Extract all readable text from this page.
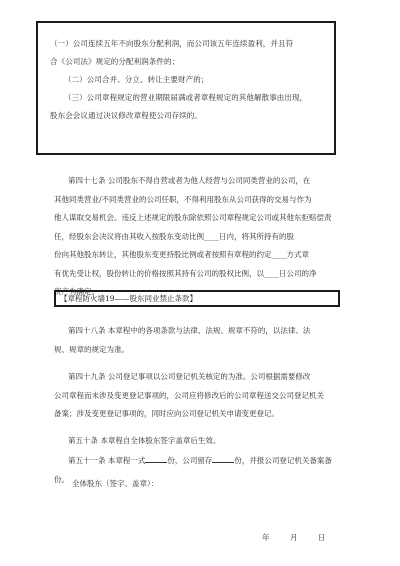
（一）公司连续五年不向股东分配利润，而公司该五年连续盈利，并且符

合《公司法》规定的分配利润条件的；

（二）公司合并、分立、转让主要财产的；

（三）公司章程规定的营业期限届满或者章程规定的其他解散事由出现，

股东会会议通过决议修改章程使公司存续的。

第四十七条 公司股东不得自营或者为他人经营与公司同类营业的公司，在
其他同类营业/不同类营业的公司任职，不得利用股东从公司获得的交易与作为
他人谋取交易机会。违反上述规定的股东除依照公司章程规定公司或其他东拒赔偿责
任，经股东会决议将由其收入按股东变动比例____日内，将其所持有的股
份向其他股东转让，其他股东变更持股比例或者按照有章程的约定____方式章
有优先受让权，股份转让的价格按照其持有公司的股权比例，以____日公司的净
资产为确定。
【章程防火墙19——股东同业禁止条款】
第四十八条 本章程中的各项条款与法律、法规、规章不符的，以法律、法
规、规章的规定为准。
第四十九条 公司登记事项以公司登记机关核定的为准。公司根据需要修改
公司章程而未涉及变更登记事项的，公司应将修改后的公司章程送交公司登记机关
备案；涉及变更登记事项的，同时应向公司登记机关申请变更登记。
第五十条 本章程自全体股东签字盖章后生效。
第五十一条 本章程一式	份，公司留存	份，并报公司登记机关备案备
份。 全体股东（签字、盖章）：
年	月	日
